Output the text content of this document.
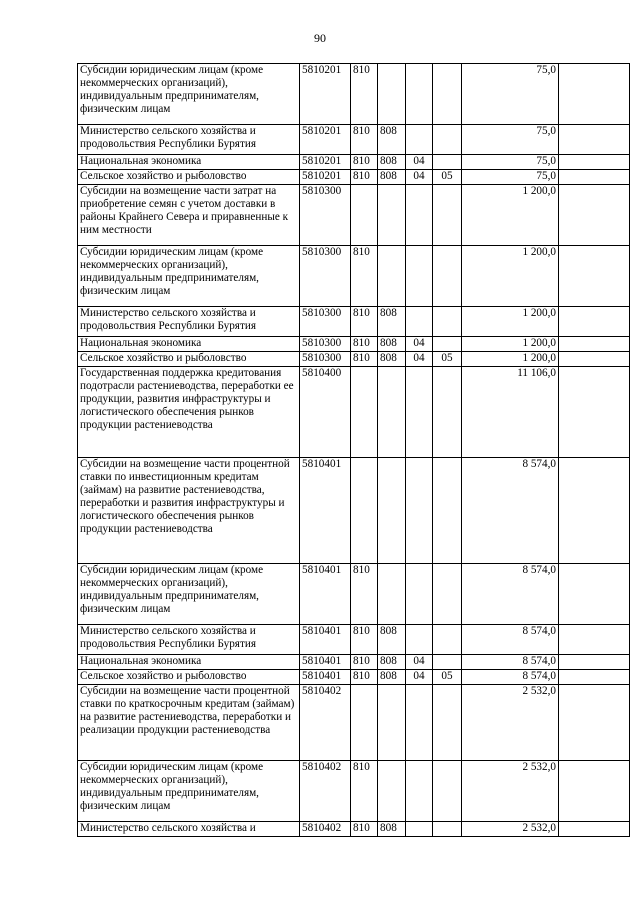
90
Субсидии юридическим лицам (кроме некоммерческих организаций), индивидуальным предпринимателям, физическим лицам	5810201	810				75,0	
Министерство сельского хозяйства и продовольствия Республики Бурятия	5810201	810	808			75,0	
Национальная экономика	5810201	810	808	04		75,0	
Сельское хозяйство и рыболовство	5810201	810	808	04	05	75,0	
Субсидии на возмещение части затрат на приобретение семян с учетом доставки в районы Крайнего Севера и приравненные к ним местности	5810300					1 200,0	
Субсидии юридическим лицам (кроме некоммерческих организаций), индивидуальным предпринимателям, физическим лицам	5810300	810				1 200,0	
Министерство сельского хозяйства и продовольствия Республики Бурятия	5810300	810	808			1 200,0	
Национальная экономика	5810300	810	808	04		1 200,0	
Сельское хозяйство и рыболовство	5810300	810	808	04	05	1 200,0	
Государственная поддержка кредитования подотрасли растениеводства, переработки ее продукции, развития инфраструктуры и логистического обеспечения рынков продукции растениеводства	5810400					11 106,0	
Субсидии на возмещение части процентной ставки по инвестиционным кредитам (займам) на развитие растениеводства, переработки и развития инфраструктуры и логистического обеспечения рынков продукции растениеводства	5810401					8 574,0	
Субсидии юридическим лицам (кроме некоммерческих организаций), индивидуальным предпринимателям, физическим лицам	5810401	810				8 574,0	
Министерство сельского хозяйства и продовольствия Республики Бурятия	5810401	810	808			8 574,0	
Национальная экономика	5810401	810	808	04		8 574,0	
Сельское хозяйство и рыболовство	5810401	810	808	04	05	8 574,0	
Субсидии на возмещение части процентной ставки по краткосрочным кредитам (займам) на развитие растениеводства, переработки и реализации продукции растениеводства	5810402					2 532,0	
Субсидии юридическим лицам (кроме некоммерческих организаций), индивидуальным предпринимателям, физическим лицам	5810402	810				2 532,0	
Министерство сельского хозяйства и	5810402	810	808			2 532,0	
